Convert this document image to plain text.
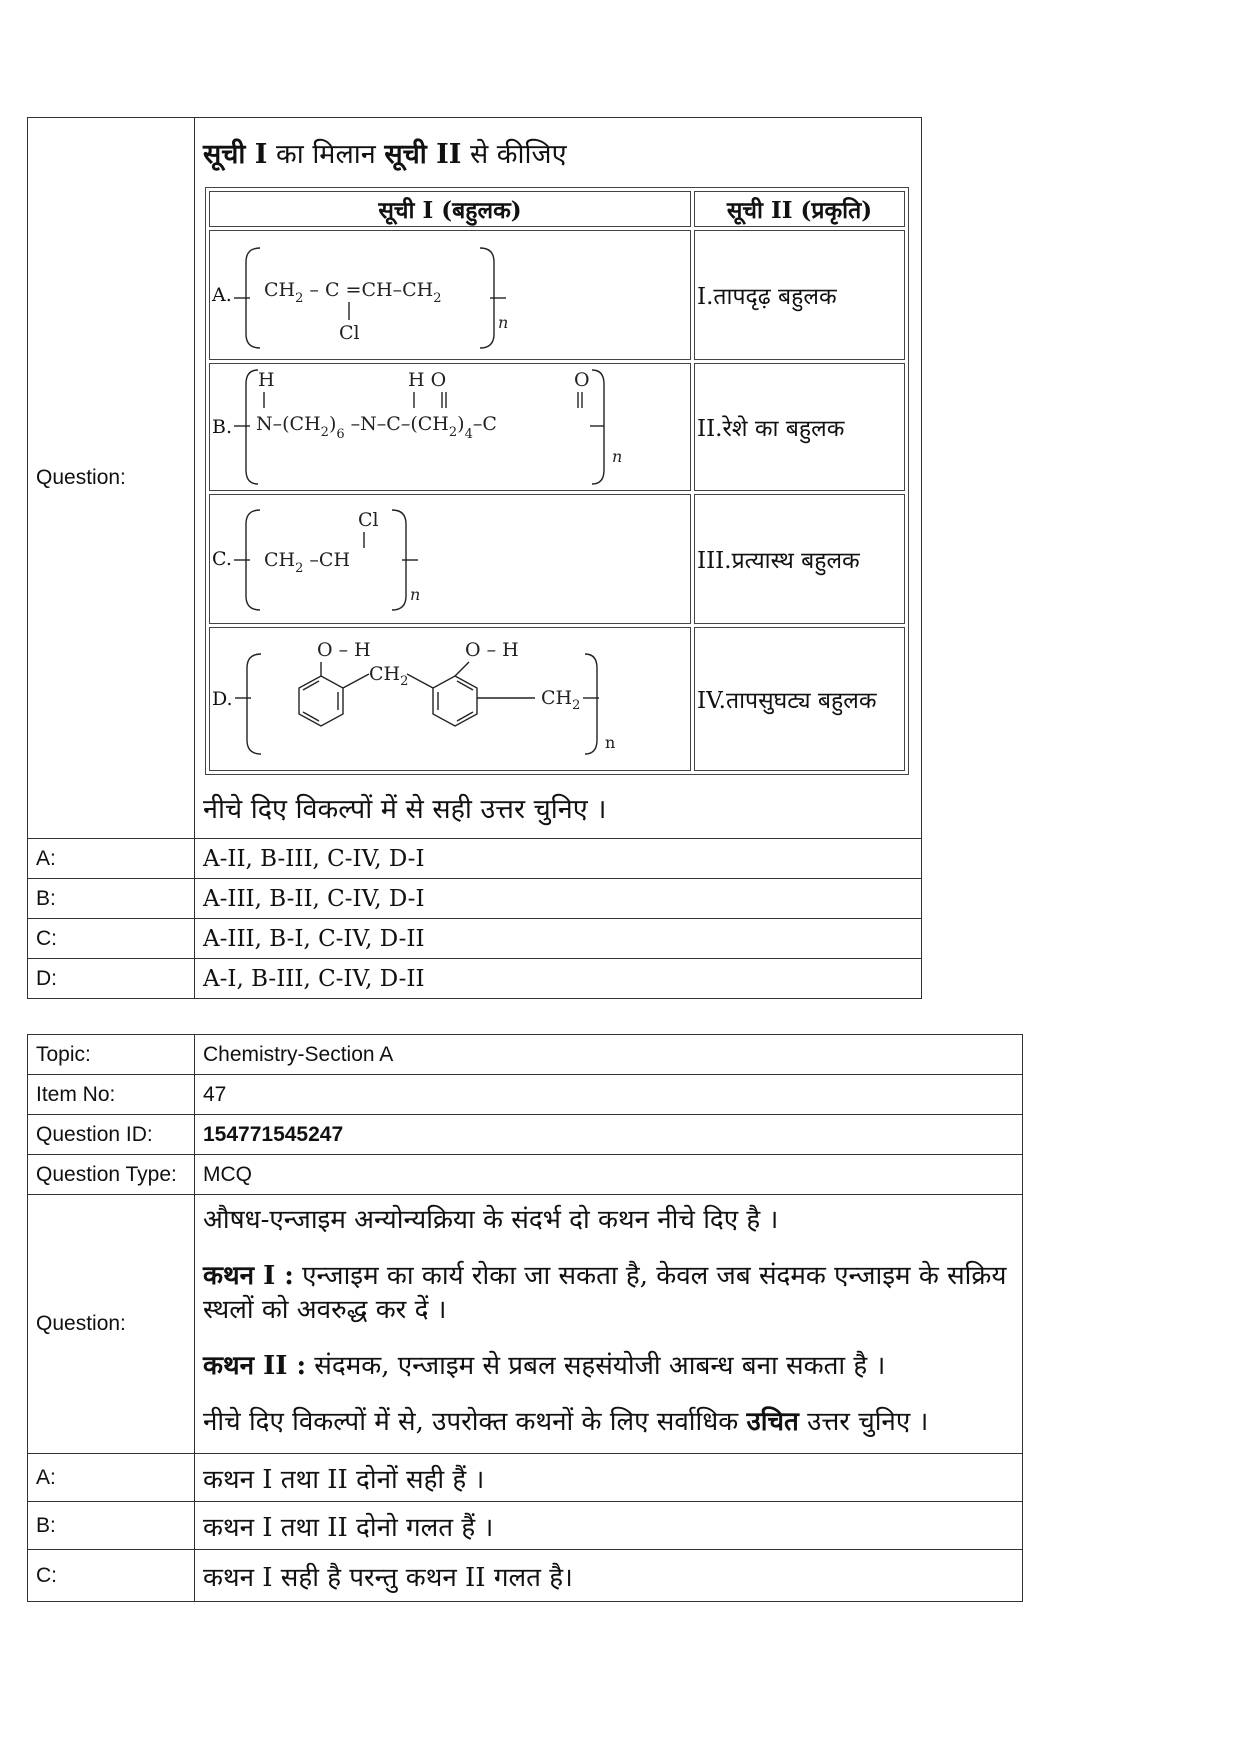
Question:	
सूची I का मिलान सूची II से कीजिए
सूची I (बहुलक)	सूची II (प्रकृति)

A. $CH_2 - C =CH-CH_2$
Cl	n
	I.तापदृढ़ बहुलक

B.
H
$N-(CH_2)_6$ $-N-C-(CH_2)_4-C$
H O	O
n
	II.रेशे का बहुलक

C. $CH_2$ –CH
Cl
n
	III.प्रत्यास्थ बहुलक

D.
O – H
$CH_2$
O – H
$CH_2$
n
	IV.तापसुघट्य बहुलक
नीचे दिए विकल्पों में से सही उत्तर चुनिए ।

A:	A-II, B-III, C-IV, D-I
B:	A-III, B-II, C-IV, D-I
C:	A-III, B-I, C-IV, D-II
D:	A-I, B-III, C-IV, D-II
Topic:	Chemistry-Section A
Item No:	47
Question ID:	154771545247
Question Type:	MCQ
Question:	औषध-एन्जाइम अन्योन्यक्रिया के संदर्भ दो कथन नीचे दिए है ।

कथन I : एन्जाइम का कार्य रोका जा सकता है, केवल जब संदमक एन्जाइम के सक्रिय स्थलों को अवरुद्ध कर दें ।

कथन II : संदमक, एन्जाइम से प्रबल सहसंयोजी आबन्ध बना सकता है ।

नीचे दिए विकल्पों में से, उपरोक्त कथनों के लिए सर्वाधिक उचित उत्तर चुनिए ।

A:	कथन I तथा II दोनों सही हैं ।
B:	कथन I तथा II दोनो गलत हैं ।
C:	कथन I सही है परन्तु कथन II गलत है।
